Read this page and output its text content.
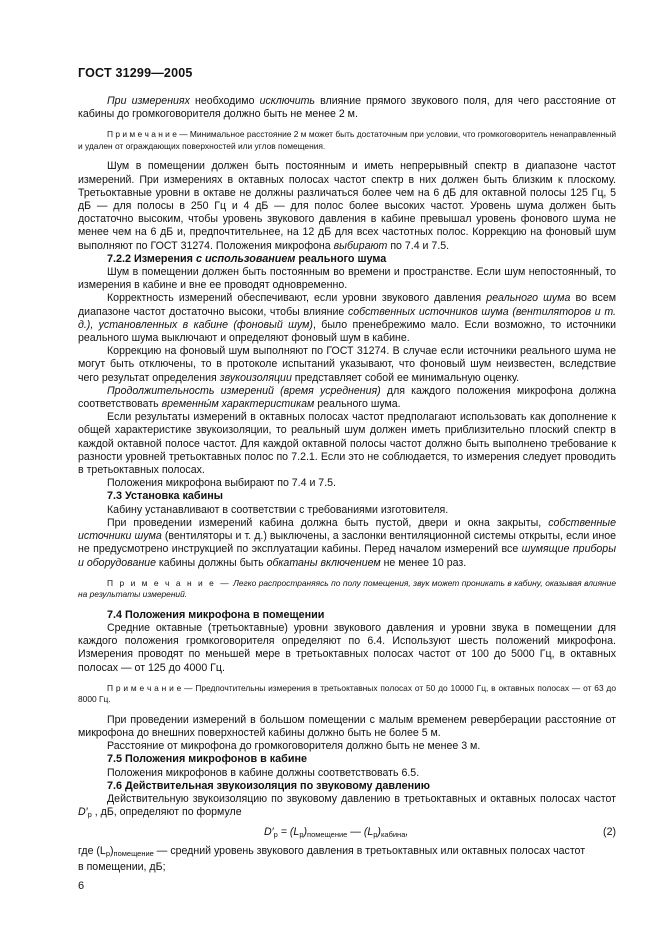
ГОСТ 31299—2005

При измерениях необходимо исключить влияние прямого звукового поля, для чего расстояние от кабины до громкоговорителя должно быть не менее 2 м.

П р и м е ч а н и е — Минимальное расстояние 2 м может быть достаточным при условии, что громкоговоритель ненаправленный и удален от ограждающих поверхностей или углов помещения.

Шум в помещении должен быть постоянным и иметь непрерывный спектр в диапазоне частот измерений. При измерениях в октавных полосах частот спектр в них должен быть близким к плоскому. Третьоктавные уровни в октаве не должны различаться более чем на 6 дБ для октавной полосы 125 Гц, 5 дБ — для полосы в 250 Гц и 4 дБ — для полос более высоких частот. Уровень шума должен быть достаточно высоким, чтобы уровень звукового давления в кабине превышал уровень фонового шума не менее чем на 6 дБ и, предпочтительнее, на 12 дБ для всех частотных полос. Коррекцию на фоновый шум выполняют по ГОСТ 31274. Положения микрофона выбирают по 7.4 и 7.5.

7.2.2 Измерения с использованием реального шума

Шум в помещении должен быть постоянным во времени и пространстве. Если шум непостоянный, то измерения в кабине и вне ее проводят одновременно.

Корректность измерений обеспечивают, если уровни звукового давления реального шума во всем диапазоне частот достаточно высоки, чтобы влияние собственных источников шума (вентиляторов и т. д.), установленных в кабине (фоновый шум), было пренебрежимо мало. Если возможно, то источники реального шума выключают и определяют фоновый шум в кабине.

Коррекцию на фоновый шум выполняют по ГОСТ 31274. В случае если источники реального шума не могут быть отключены, то в протоколе испытаний указывают, что фоновый шум неизвестен, вследствие чего результат определения звукоизоляции представляет собой ее минимальную оценку.

Продолжительность измерений (время усреднения) для каждого положения микрофона должна соответствовать временны́м характеристикам реального шума.

Если результаты измерений в октавных полосах частот предполагают использовать как дополнение к общей характеристике звукоизоляции, то реальный шум должен иметь приблизительно плоский спектр в каждой октавной полосе частот. Для каждой октавной полосы частот должно быть выполнено требование к разности уровней третьоктавных полос по 7.2.1. Если это не соблюдается, то измерения следует проводить в третьоктавных полосах.

Положения микрофона выбирают по 7.4 и 7.5.

7.3 Установка кабины

Кабину устанавливают в соответствии с требованиями изготовителя.

При проведении измерений кабина должна быть пустой, двери и окна закрыты, собственные источники шума (вентиляторы и т. д.) выключены, а заслонки вентиляционной системы открыты, если иное не предусмотрено инструкцией по эксплуатации кабины. Перед началом измерений все шумящие приборы и оборудование кабины должны быть обкатаны включением не менее 10 раз.

П р и м е ч а н и е — Легко распространяясь по полу помещения, звук может проникать в кабину, оказывая влияние на результаты измерений.

7.4 Положения микрофона в помещении

Средние октавные (третьоктавные) уровни звукового давления и уровни звука в помещении для каждого положения громкоговорителя определяют по 6.4. Используют шесть положений микрофона. Измерения проводят по меньшей мере в третьоктавных полосах частот от 100 до 5000 Гц, в октавных полосах — от 125 до 4000 Гц.

П р и м е ч а н и е — Предпочтительны измерения в третьоктавных полосах от 50 до 10000 Гц, в октавных полосах — от 63 до 8000 Гц.

При проведении измерений в большом помещении с малым временем реверберации расстояние от микрофона до внешних поверхностей кабины должно быть не более 5 м.

Расстояние от микрофона до громкоговорителя должно быть не менее 3 м.

7.5 Положения микрофонов в кабине

Положения микрофонов в кабине должны соответствовать 6.5.

7.6 Действительная звукоизоляция по звуковому давлению

Действительную звукоизоляцию по звуковому давлению в третьоктавных и октавных полосах частот $D'_p$ , дБ, определяют по формуле

$D'_p = (L_p)_{помещение}$ — $(L_p)_{кабина}$,	(2)

где $(L_p)_{помещение}$ — средний уровень звукового давления в третьоктавных или октавных полосах частот

в помещении, дБ;

6
